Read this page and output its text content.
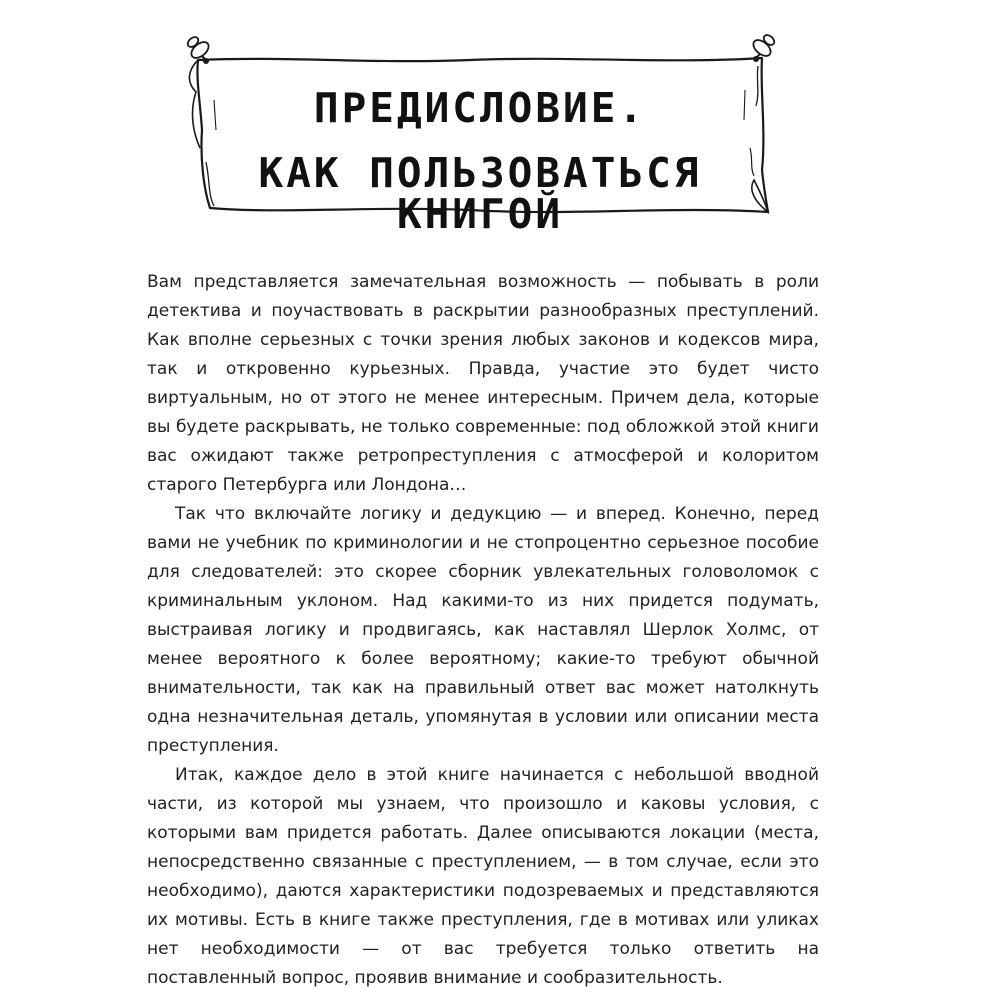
ПРЕДИСЛОВИЕ.
КАК ПОЛЬЗОВАТЬСЯ КНИГОЙ

Вам представляется замечательная возможность — побывать в роли детектива и поучаствовать в раскрытии разнообразных преступлений. Как вполне серьезных с точки зрения любых законов и кодексов мира, так и откровенно курьезных. Правда, участие это будет чисто виртуальным, но от этого не менее интересным. Причем дела, которые вы будете раскрывать, не только современные: под обложкой этой книги вас ожидают также ретропреступления с атмосферой и колоритом старого Петербурга или Лондона…

Так что включайте логику и дедукцию — и вперед. Конечно, перед вами не учебник по криминологии и не стопроцентно серьезное пособие для следователей: это скорее сборник увлекательных головоломок с криминальным уклоном. Над какими-то из них придется подумать, выстраивая логику и продвигаясь, как наставлял Шерлок Холмс, от менее вероятного к более вероятному; какие-то требуют обычной внимательности, так как на правильный ответ вас может натолкнуть одна незначительная деталь, упомянутая в условии или описании места преступления.

Итак, каждое дело в этой книге начинается с небольшой вводной части, из которой мы узнаем, что произошло и каковы условия, с которыми вам придется работать. Далее описываются локации (места, непосредственно связанные с преступлением, — в том случае, если это необходимо), даются характеристики подозреваемых и представляются их мотивы. Есть в книге также преступления, где в мотивах или уликах нет необходимости — от вас требуется только ответить на поставленный вопрос, проявив внимание и сообразительность.
